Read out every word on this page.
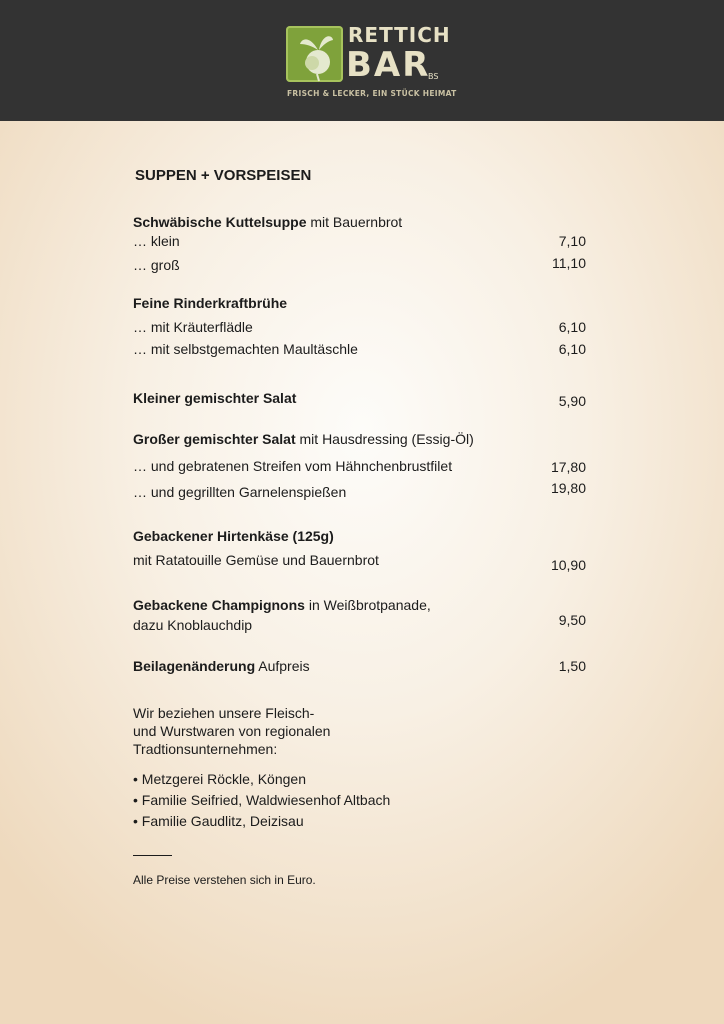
RETTICH
BAR
BS
FRISCH & LECKER, EIN STÜCK HEIMAT
SUPPEN + VORSPEISEN
Schwäbische Kuttelsuppe mit Bauernbrot
… klein	7,10
… groß	11,10
Feine Rinderkraftbrühe
… mit Kräuterflädle	6,10
… mit selbstgemachten Maultäschle	6,10
Kleiner gemischter Salat	5,90
Großer gemischter Salat mit Hausdressing (Essig-Öl)
… und gebratenen Streifen vom Hähnchenbrustfilet	17,80
… und gegrillten Garnelenspießen	19,80
Gebackener Hirtenkäse (125g)
mit Ratatouille Gemüse und Bauernbrot	10,90
Gebackene Champignons in Weißbrotpanade,
dazu Knoblauchdip	9,50
Beilagenänderung Aufpreis	1,50
Wir beziehen unsere Fleisch-
und Wurstwaren von regionalen
Tradtionsunternehmen:
• Metzgerei Röckle, Köngen
• Familie Seifried, Waldwiesenhof Altbach
• Familie Gaudlitz, Deizisau
Alle Preise verstehen sich in Euro.
